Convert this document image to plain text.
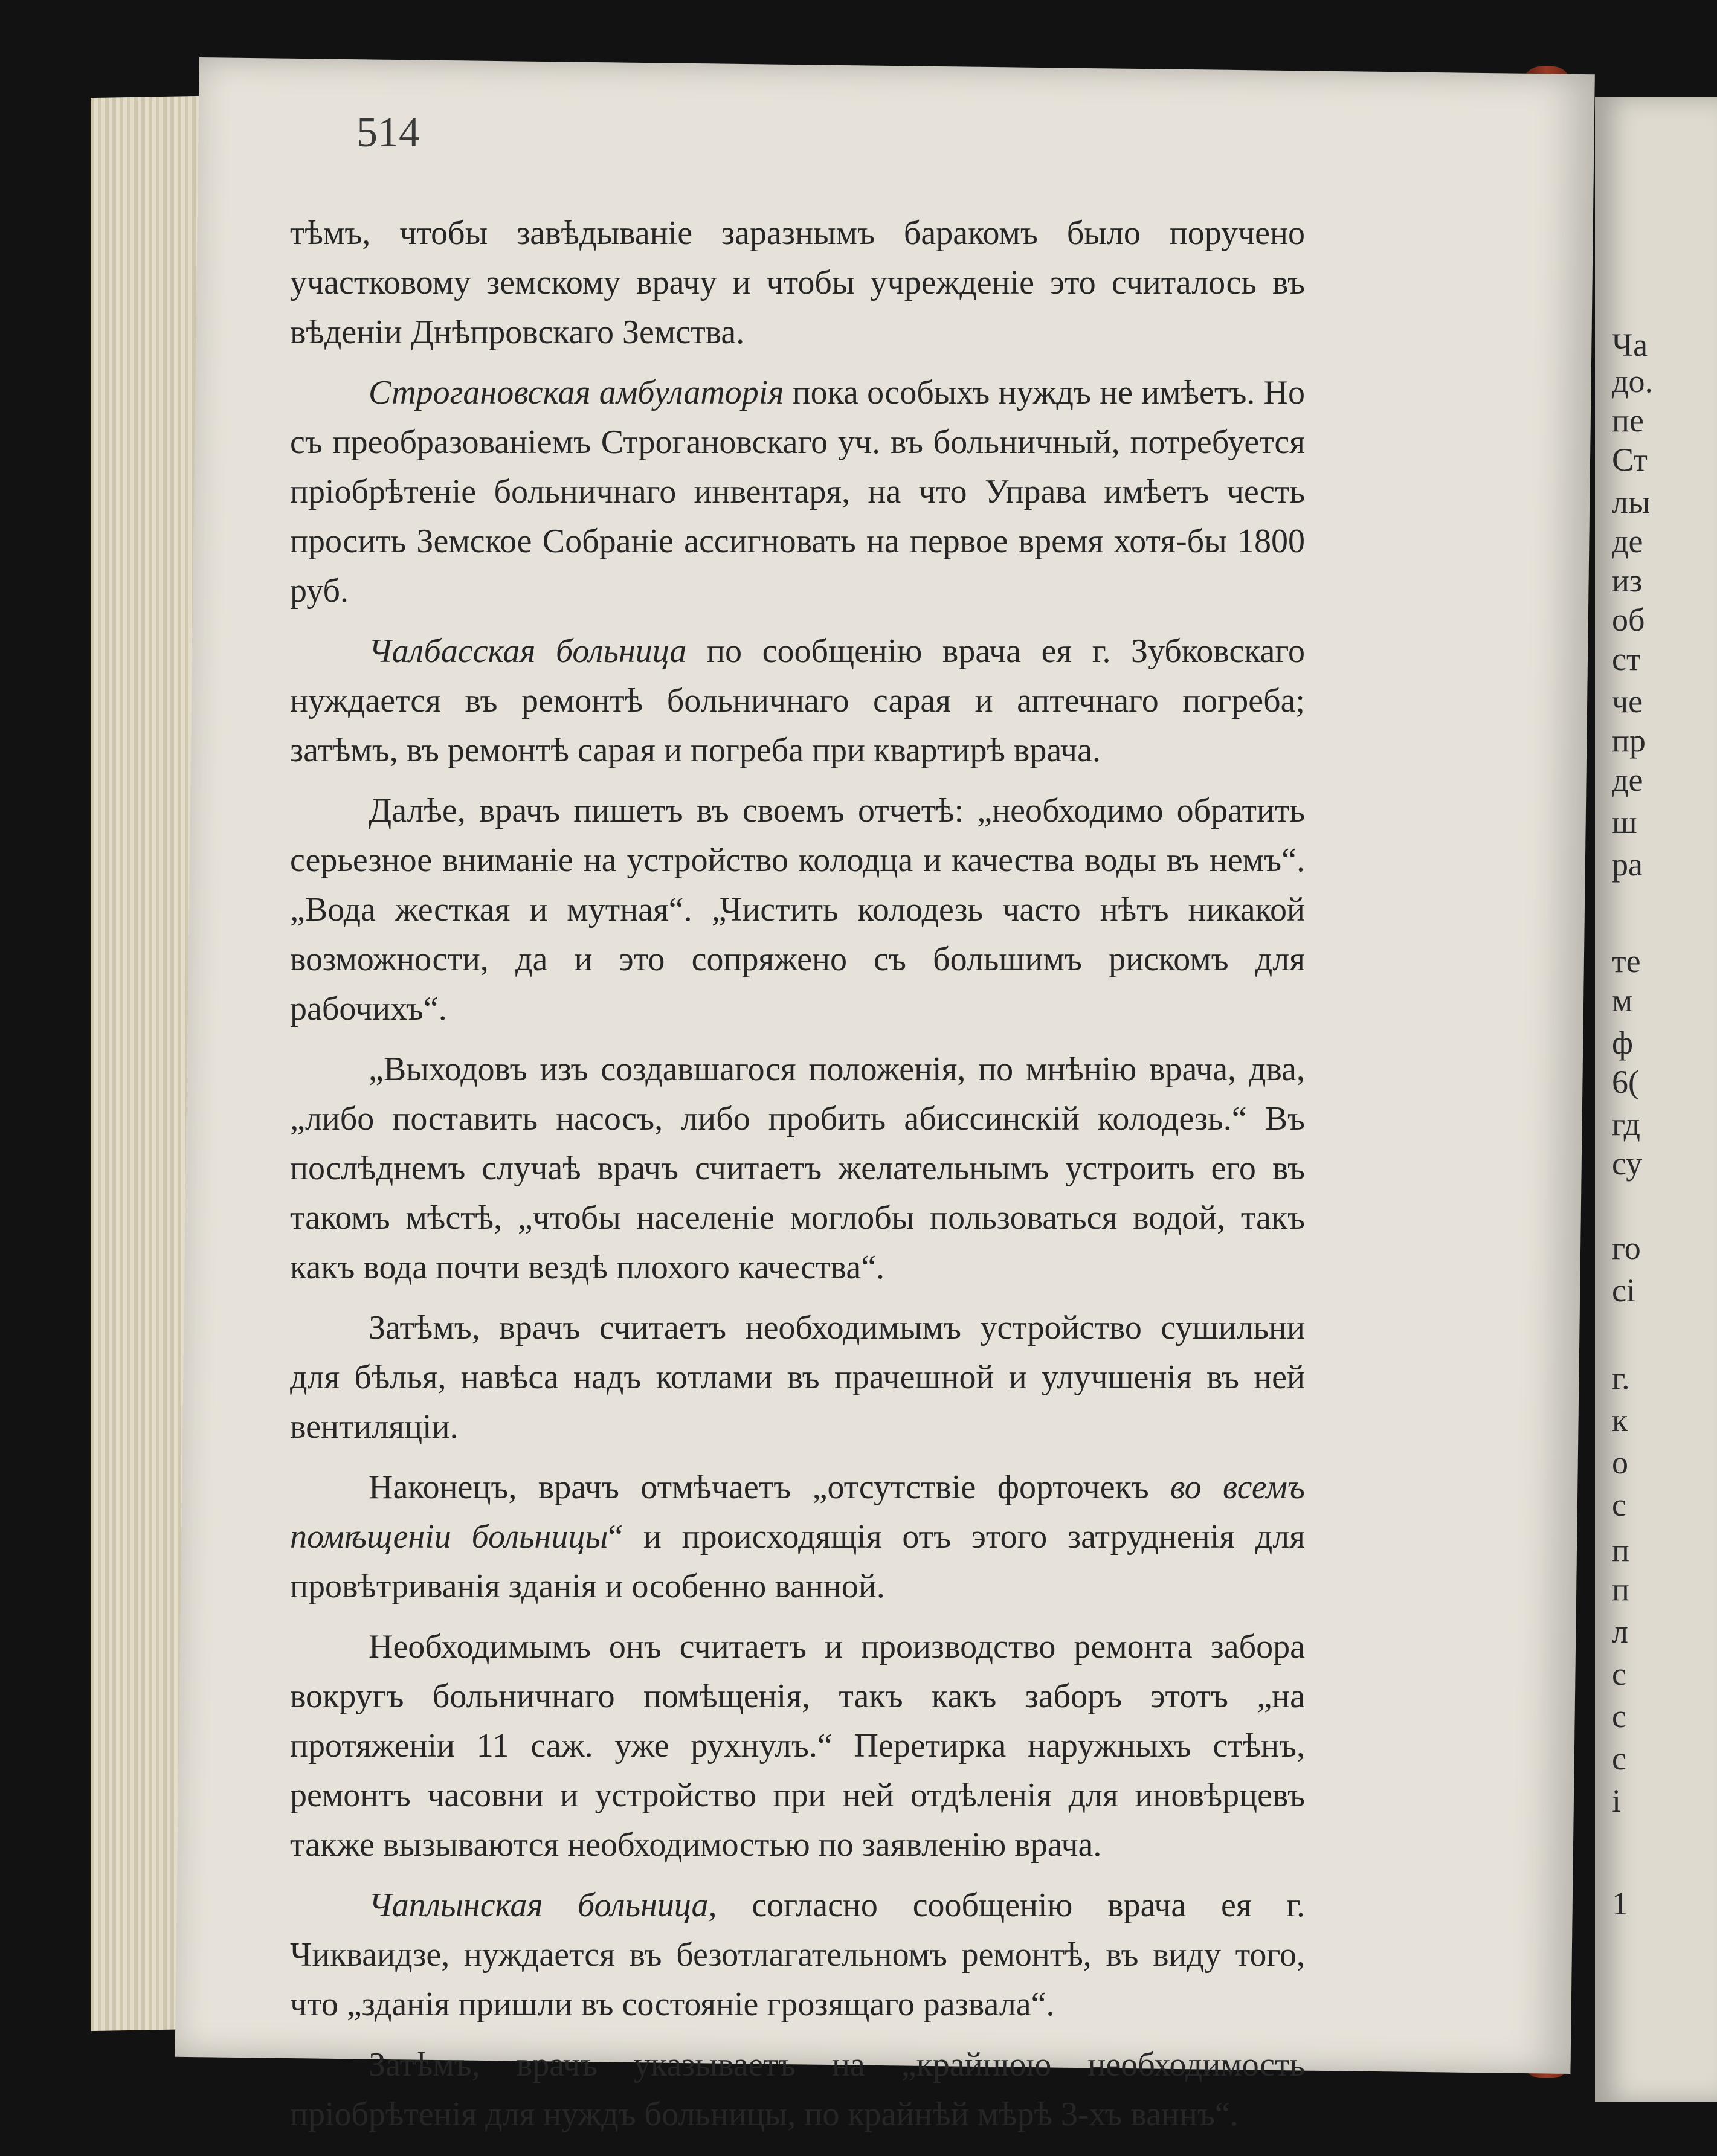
514

тѣмъ, чтобы завѣдываніе заразнымъ баракомъ было поручено участковому земскому врачу и чтобы учрежденіе это считалось въ вѣденіи Днѣпровскаго Земства.

Строгановская амбулаторія пока особыхъ нуждъ не имѣетъ. Но съ преобразованіемъ Строгановскаго уч. въ больничный, потребуется пріобрѣтеніе больничнаго инвентаря, на что Управа имѣетъ честь просить Земское Собраніе ассигновать на первое время хотя-бы 1800 руб.

Чалбасская больница по сообщенію врача ея г. Зубковскаго нуждается въ ремонтѣ больничнаго сарая и аптечнаго погреба; затѣмъ, въ ремонтѣ сарая и погреба при квартирѣ врача.

Далѣе, врачъ пишетъ въ своемъ отчетѣ: „необходимо обратить серьезное вниманіе на устройство колодца и качества воды въ немъ“. „Вода жесткая и мутная“. „Чистить колодезь часто нѣтъ никакой возможности, да и это сопряжено съ большимъ рискомъ для рабочихъ“.

„Выходовъ изъ создавшагося положенія, по мнѣнію врача, два, „либо поставить насосъ, либо пробить абиссинскій колодезь.“ Въ послѣднемъ случаѣ врачъ считаетъ желательнымъ устроить его въ такомъ мѣстѣ, „чтобы населеніе моглобы пользоваться водой, такъ какъ вода почти вездѣ плохого качества“.

Затѣмъ, врачъ считаетъ необходимымъ устройство сушильни для бѣлья, навѣса надъ котлами въ прачешной и улучшенія въ ней вентиляціи.

Наконецъ, врачъ отмѣчаетъ „отсутствіе форточекъ во всемъ помѣщеніи больницы“ и происходящія отъ этого затрудненія для провѣтриванія зданія и особенно ванной.

Необходимымъ онъ считаетъ и производство ремонта забора вокругъ больничнаго помѣщенія, такъ какъ заборъ этотъ „на протяженіи 11 саж. уже рухнулъ.“ Перетирка наружныхъ стѣнъ, ремонтъ часовни и устройство при ней отдѣленія для иновѣрцевъ также вызываются необходимостью по заявленію врача.

Чаплынская больница, согласно сообщенію врача ея г. Чикваидзе, нуждается въ безотлагательномъ ремонтѣ, въ виду того, что „зданія пришли въ состояніе грозящаго развала“.

Затѣмъ, врачъ указываетъ на „крайнюю необходимость пріобрѣтенія для нуждъ больницы, по крайнѣй мѣрѣ 3-хъ ваннъ“.

Ча
до.
пе
Ст
лы
де
из
об
ст
че
пр
де
ш
ра
те
м
ф
6(
гд
су
го
сі
г.
к
о
с
п
п
л
с
с
с
і
1
